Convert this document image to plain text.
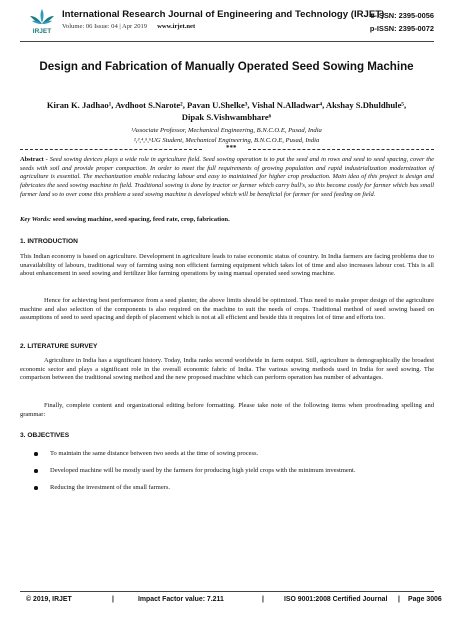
IRJET
International Research Journal of Engineering and Technology (IRJET)
Volume: 06 Issue: 04 | Apr 2019 www.irjet.net
e-ISSN: 2395-0056
p-ISSN: 2395-0072
Design and Fabrication of Manually Operated Seed Sowing Machine
Kiran K. Jadhao¹, Avdhoot S.Narote², Pavan U.Shelke³, Vishal N.Alladwar⁴, Akshay S.Dhuldhule⁵,
Dipak S.Vishwambhare⁶
¹Associate Professor, Mechanical Engineering, B.N.C.O.E, Pusad, India
²,³,⁴,⁵,⁶UG Student, Mechanical Engineering, B.N.C.O.E, Pusad, India
***
Abstract - Seed sowing devices plays a wide role in agriculture field. Seed sowing operation is to put the seed and in rows and seed to seed spacing, cover the seeds with soil and provide proper compaction. In order to meet the full requirements of growing population and rapid industrialization modernization of agriculture is essential. The mechanization enable reducing labour and easy to maintained for higher crop production. Main idea of this project is design and fabricates the seed sowing machine in field. Traditional sowing is done by tractor or farmer which carry bull's, so this become costly for farmer which has small farmer land so to over come this problem a seed sowing machine is developed which will be beneficial for farmer for seed feeding on field.
Key Words: seed sowing machine, seed spacing, feed rate, crop, fabrication.
1. INTRODUCTION
This Indian economy is based on agriculture. Development in agriculture leads to raise economic status of country. In India farmers are facing problems due to unavailability of labours, traditional way of farming using non efficient farming equipment which takes lot of time and also increases labour cost. This is all about enhancement in seed sowing and fertilizer like farming operations by using manual operated seed sowing machine.
Hence for achieving best performance from a seed planter, the above limits should be optimized. Thus need to make proper design of the agriculture machine and also selection of the components is also required on the machine to suit the needs of crops. Traditional method of seed sowing based on assumptions of seed to seed spacing and depth of placement which is not at all efficient and beside this it requires lot of time and efforts too.
2. LITERATURE SURVEY
Agriculture in India has a significant history. Today, India ranks second worldwide in farm output. Still, agriculture is demographically the broadest economic sector and plays a significant role in the overall economic fabric of India. The various sowing methods used in India for seed sowing. The comparison between the traditional sowing method and the new proposed machine which can perform operation has number of advantages.
Finally, complete content and organizational editing before formatting. Please take note of the following items when proofreading spelling and grammar:
3. OBJECTIVES
To maintain the same distance between two seeds at the time of sowing process.
Developed machine will be mostly used by the farmers for producing high yield crops with the minimum investment.
Reducing the investment of the small farmers.
© 2019, IRJET	|	Impact Factor value: 7.211	|	ISO 9001:2008 Certified Journal | Page 3006
